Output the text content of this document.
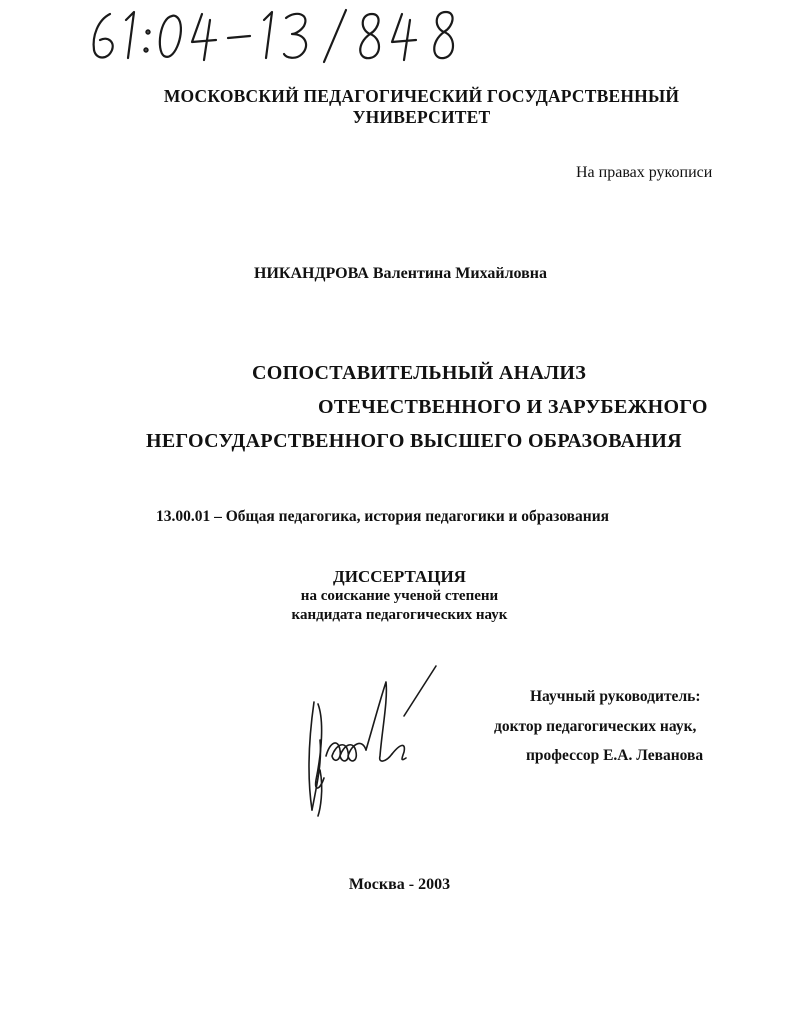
МОСКОВСКИЙ ПЕДАГОГИЧЕСКИЙ ГОСУДАРСТВЕННЫЙ
УНИВЕРСИТЕТ
На правах рукописи
НИКАНДРОВА Валентина Михайловна
СОПОСТАВИТЕЛЬНЫЙ АНАЛИЗ
ОТЕЧЕСТВЕННОГО И ЗАРУБЕЖНОГО
НЕГОСУДАРСТВЕННОГО ВЫСШЕГО ОБРАЗОВАНИЯ
13.00.01 – Общая педагогика, история педагогики и образования
ДИССЕРТАЦИЯ
на соискание ученой степени
кандидата педагогических наук
Научный руководитель:
доктор педагогических наук,
профессор Е.А. Леванова
Москва - 2003
